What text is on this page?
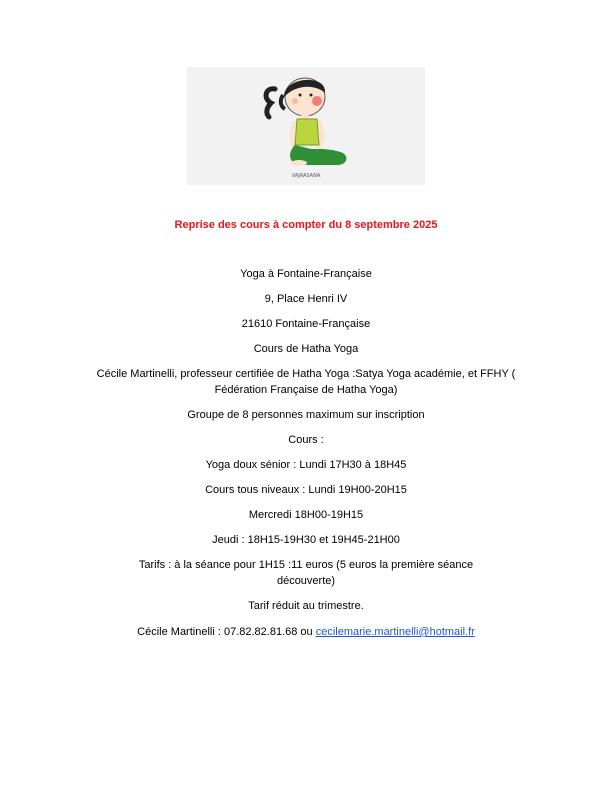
VAJRASANA
Reprise des cours à compter du 8 septembre 2025
Yoga à Fontaine-Française
9, Place Henri IV
21610 Fontaine-Française
Cours de Hatha Yoga
Cécile Martinelli, professeur certifiée de Hatha Yoga :Satya Yoga académie, et FFHY ( Fédération Française de Hatha Yoga)
Groupe de 8 personnes maximum sur inscription
Cours :
Yoga doux sénior : Lundi 17H30 à 18H45
Cours tous niveaux : Lundi 19H00-20H15
Mercredi 18H00-19H15
Jeudi : 18H15-19H30 et 19H45-21H00
Tarifs : à la séance pour 1H15 :11 euros (5 euros la première séance découverte)
Tarif réduit au trimestre.
Cécile Martinelli : 07.82.82.81.68 ou cecilemarie.martinelli@hotmail.fr
